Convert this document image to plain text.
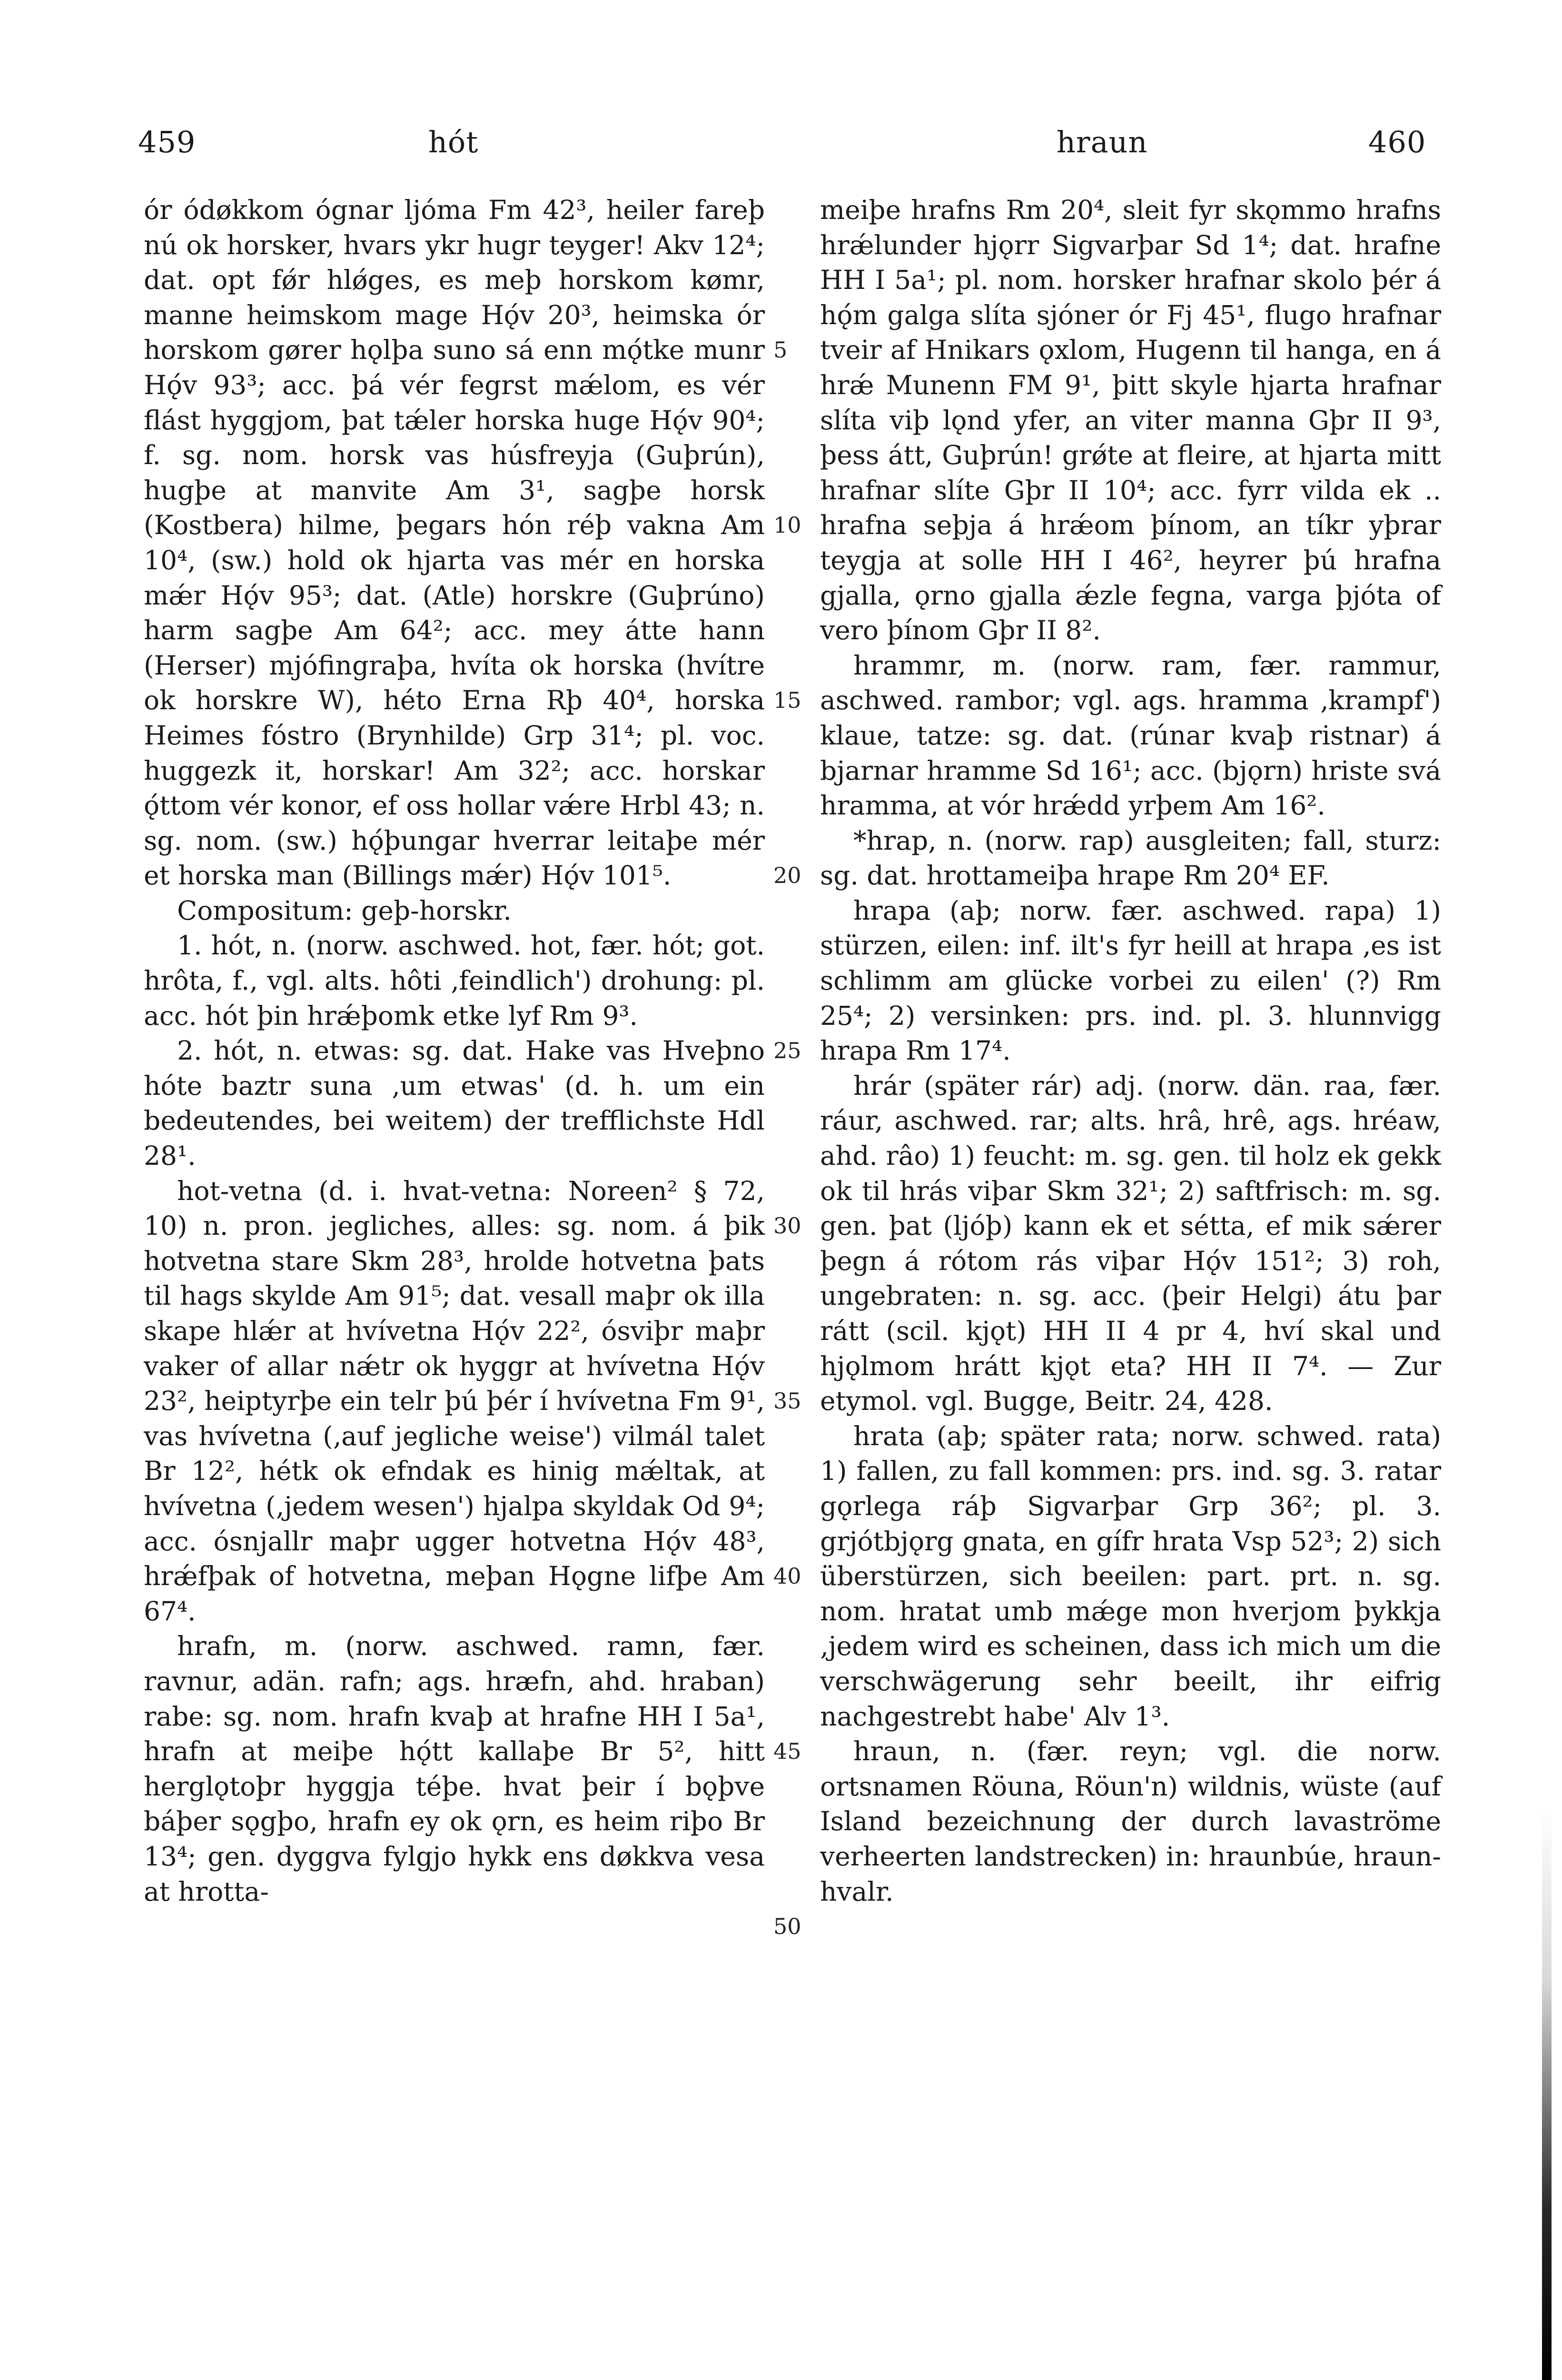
459	hót	hraun	460

ór ódøkkom ógnar ljóma Fm 42³, heiler fareþ nú ok horsker, hvars ykr hugr teyger! Akv 12⁴; dat. opt fǿr hlǿges, es meþ horskom kømr, manne heimskom mage Hǫ́v 20³, heimska ór horskom gører hǫlþa suno sá enn mǫ́tke munr Hǫ́v 93³; acc. þá vér fegrst mǽlom, es vér flást hyggjom, þat tǽler horska huge Hǫ́v 90⁴; f. sg. nom. horsk vas húsfreyja (Guþrún), hugþe at manvite Am 3¹, sagþe horsk (Kostbera) hilme, þegars hón réþ vakna Am 10⁴, (sw.) hold ok hjarta vas mér en horska mǽr Hǫ́v 95³; dat. (Atle) horskre (Guþrúno) harm sagþe Am 64²; acc. mey átte hann (Herser) mjófingraþa, hvíta ok horska (hvítre ok horskre W), héto Erna Rþ 40⁴, horska Heimes fóstro (Brynhilde) Grp 31⁴; pl. voc. huggezk it, horskar! Am 32²; acc. horskar ǫ́ttom vér konor, ef oss hollar vǽre Hrbl 43; n. sg. nom. (sw.) hǫ́þungar hverrar leitaþe mér et horska man (Billings mǽr) Hǫ́v 101⁵.

Compositum: geþ-horskr.

1. hót, n. (norw. aschwed. hot, fær. hót; got. hrôta, f., vgl. alts. hôti ‚feindlich') drohung: pl. acc. hót þin hrǽþomk etke lyf Rm 9³.

2. hót, n. etwas: sg. dat. Hake vas Hveþno hóte baztr suna ‚um etwas' (d. h. um ein bedeutendes, bei weitem) der trefflichste Hdl 28¹.

hot-vetna (d. i. hvat-vetna: Noreen² § 72, 10) n. pron. jegliches, alles: sg. nom. á þik hotvetna stare Skm 28³, hrolde hotvetna þats til hags skylde Am 91⁵; dat. vesall maþr ok illa skape hlǽr at hvívetna Hǫ́v 22², ósviþr maþr vaker of allar nǽtr ok hyggr at hvívetna Hǫ́v 23², heiptyrþe ein telr þú þér í hvívetna Fm 9¹, vas hvívetna (‚auf jegliche weise') vilmál talet Br 12², hétk ok efndak es hinig mǽltak, at hvívetna (‚jedem wesen') hjalpa skyldak Od 9⁴; acc. ósnjallr maþr ugger hotvetna Hǫ́v 48³, hrǽfþak of hotvetna, meþan Hǫgne lifþe Am 67⁴.

hrafn, m. (norw. aschwed. ramn, fær. ravnur, adän. rafn; ags. hræfn, ahd. hraban) rabe: sg. nom. hrafn kvaþ at hrafne HH I 5a¹, hrafn at meiþe hǫ́tt kallaþe Br 5², hitt herglǫtoþr hyggja téþe. hvat þeir í bǫþve báþer sǫgþo, hrafn ey ok ǫrn, es heim riþo Br 13⁴; gen. dyggva fylgjo hykk ens døkkva vesa at hrotta-

5
10
15
20
25
30
35
40
45
50

meiþe hrafns Rm 20⁴, sleit fyr skǫmmo hrafns hrǽlunder hjǫrr Sigvarþar Sd 1⁴; dat. hrafne HH I 5a¹; pl. nom. horsker hrafnar skolo þér á hǫ́m galga slíta sjóner ór Fj 45¹, flugo hrafnar tveir af Hnikars ǫxlom, Hugenn til hanga, en á hrǽ Munenn FM 9¹, þitt skyle hjarta hrafnar slíta viþ lǫnd yfer, an viter manna Gþr II 9³, þess átt, Guþrún! grǿte at fleire, at hjarta mitt hrafnar slíte Gþr II 10⁴; acc. fyrr vilda ek .. hrafna seþja á hrǽom þínom, an tíkr yþrar teygja at solle HH I 46², heyrer þú hrafna gjalla, ǫrno gjalla ǽzle fegna, varga þjóta of vero þínom Gþr II 8².

hrammr, m. (norw. ram, fær. rammur, aschwed. rambor; vgl. ags. hramma ‚krampf') klaue, tatze: sg. dat. (rúnar kvaþ ristnar) á bjarnar hramme Sd 16¹; acc. (bjǫrn) hriste svá hramma, at vór hrǽdd yrþem Am 16².

*hrap, n. (norw. rap) ausgleiten; fall, sturz: sg. dat. hrottameiþa hrape Rm 20⁴ EF.

hrapa (aþ; norw. fær. aschwed. rapa) 1) stürzen, eilen: inf. ilt's fyr heill at hrapa ‚es ist schlimm am glücke vorbei zu eilen' (?) Rm 25⁴; 2) versinken: prs. ind. pl. 3. hlunnvigg hrapa Rm 17⁴.

hrár (später rár) adj. (norw. dän. raa, fær. ráur, aschwed. rar; alts. hrâ, hrê, ags. hréaw, ahd. râo) 1) feucht: m. sg. gen. til holz ek gekk ok til hrás viþar Skm 32¹; 2) saftfrisch: m. sg. gen. þat (ljóþ) kann ek et sétta, ef mik sǽrer þegn á rótom rás viþar Hǫ́v 151²; 3) roh, ungebraten: n. sg. acc. (þeir Helgi) átu þar rátt (scil. kjǫt) HH II 4 pr 4, hví skal und hjǫlmom hrátt kjǫt eta? HH II 7⁴. — Zur etymol. vgl. Bugge, Beitr. 24, 428.

hrata (aþ; später rata; norw. schwed. rata) 1) fallen, zu fall kommen: prs. ind. sg. 3. ratar gǫrlega ráþ Sigvarþar Grp 36²; pl. 3. grjótbjǫrg gnata, en gífr hrata Vsp 52³; 2) sich überstürzen, sich beeilen: part. prt. n. sg. nom. hratat umb mǽge mon hverjom þykkja ‚jedem wird es scheinen, dass ich mich um die verschwägerung sehr beeilt, ihr eifrig nachgestrebt habe' Alv 1³.

hraun, n. (fær. reyn; vgl. die norw. ortsnamen Röuna, Röun'n) wildnis, wüste (auf Island bezeichnung der durch lavaströme verheerten landstrecken) in: hraunbúe, hraun-hvalr.
